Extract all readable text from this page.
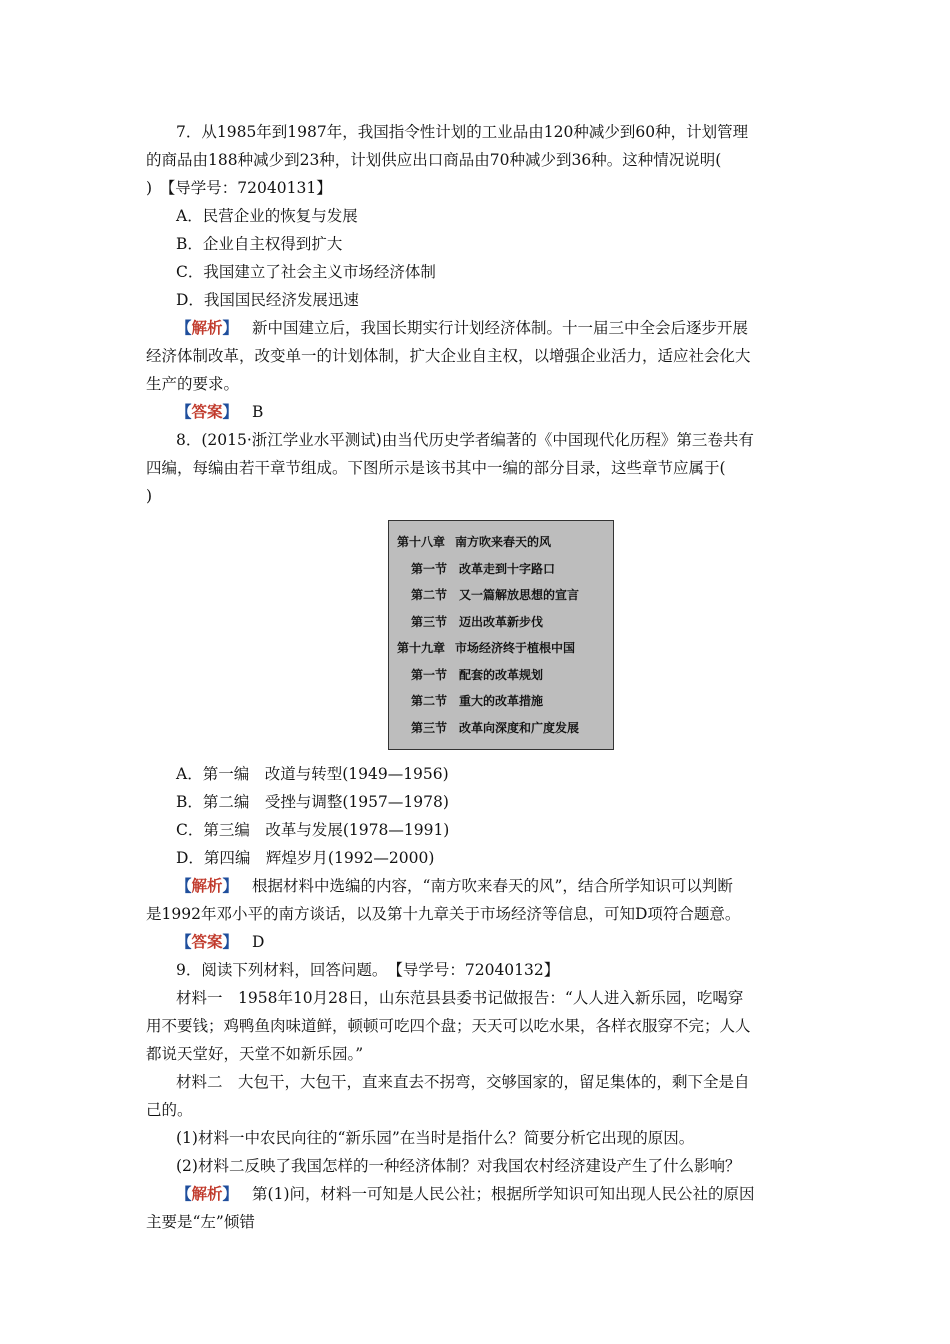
7．从1985年到1987年，我国指令性计划的工业品由120种减少到60种，计划管理

的商品由188种减少到23种，计划供应出口商品由70种减少到36种。这种情况说明(

)　【导学号：72040131】

A．民营企业的恢复与发展

B．企业自主权得到扩大

C．我国建立了社会主义市场经济体制

D．我国国民经济发展迅速

【解析】 新中国建立后，我国长期实行计划经济体制。十一届三中全会后逐步开展

经济体制改革，改变单一的计划体制，扩大企业自主权，以增强企业活力，适应社会化大

生产的要求。

【答案】 B

8．(2015·浙江学业水平测试)由当代历史学者编著的《中国现代化历程》第三卷共有

四编，每编由若干章节组成。下图所示是该书其中一编的部分目录，这些章节应属于(

)

第十八章 南方吹来春天的风
第一节 改革走到十字路口
第二节 又一篇解放思想的宣言
第三节 迈出改革新步伐
第十九章 市场经济终于植根中国
第一节 配套的改革规划
第二节 重大的改革措施
第三节 改革向深度和广度发展

A．第一编　改道与转型(1949—1956)

B．第二编　受挫与调整(1957—1978)

C．第三编　改革与发展(1978—1991)

D．第四编　辉煌岁月(1992—2000)

【解析】 根据材料中选编的内容，“南方吹来春天的风”，结合所学知识可以判断

是1992年邓小平的南方谈话，以及第十九章关于市场经济等信息，可知D项符合题意。

【答案】 D

9．阅读下列材料，回答问题。　【导学号：72040132】

材料一　1958年10月28日，山东范县县委书记做报告：“人人进入新乐园，吃喝穿

用不要钱；鸡鸭鱼肉味道鲜，顿顿可吃四个盘；天天可以吃水果，各样衣服穿不完；人人

都说天堂好，天堂不如新乐园。”

材料二　大包干，大包干，直来直去不拐弯，交够国家的，留足集体的，剩下全是自

己的。

(1)材料一中农民向往的“新乐园”在当时是指什么？简要分析它出现的原因。

(2)材料二反映了我国怎样的一种经济体制？对我国农村经济建设产生了什么影响？

【解析】 第(1)问，材料一可知是人民公社；根据所学知识可知出现人民公社的原因

主要是“左”倾错
